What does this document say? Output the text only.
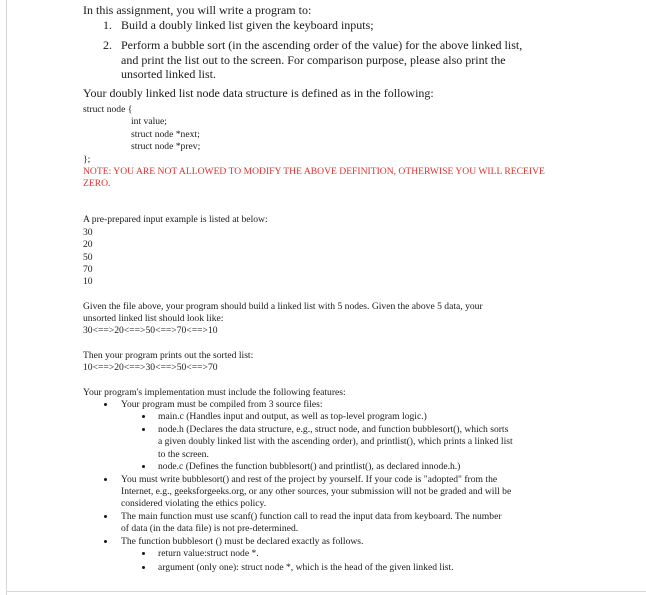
In this assignment, you will write a program to:
1. Build a doubly linked list given the keyboard inputs;
2. Perform a bubble sort (in the ascending order of the value) for the above linked list,
and print the list out to the screen. For comparison purpose, please also print the
unsorted linked list.
Your doubly linked list node data structure is defined as in the following:
struct node {
int value;
struct node *next;
struct node *prev;
};
NOTE: YOU ARE NOT ALLOWED TO MODIFY THE ABOVE DEFINITION, OTHERWISE YOU WILL RECEIVE
ZERO.
A pre-prepared input example is listed at below:
30
20
50
70
10
Given the file above, your program should build a linked list with 5 nodes. Given the above 5 data, your
unsorted linked list should look like:
30<==>20<==>50<==>70<==>10
Then your program prints out the sorted list:
10<==>20<==>30<==>50<==>70
Your program's implementation must include the following features:
Your program must be compiled from 3 source files:
main.c (Handles input and output, as well as top-level program logic.)
node.h (Declares the data structure, e.g., struct node, and function bubblesort(), which sorts
a given doubly linked list with the ascending order), and printlist(), which prints a linked list
to the screen.
node.c (Defines the function bubblesort() and printlist(), as declared innode.h.)
You must write bubblesort() and rest of the project by yourself. If your code is "adopted" from the
Internet, e.g., geeksforgeeks.org, or any other sources, your submission will not be graded and will be
considered violating the ethics policy.
The main function must use scanf() function call to read the input data from keyboard. The number
of data (in the data file) is not pre-determined.
The function bubblesort () must be declared exactly as follows.
return value:struct node *.
argument (only one): struct node *, which is the head of the given linked list.
